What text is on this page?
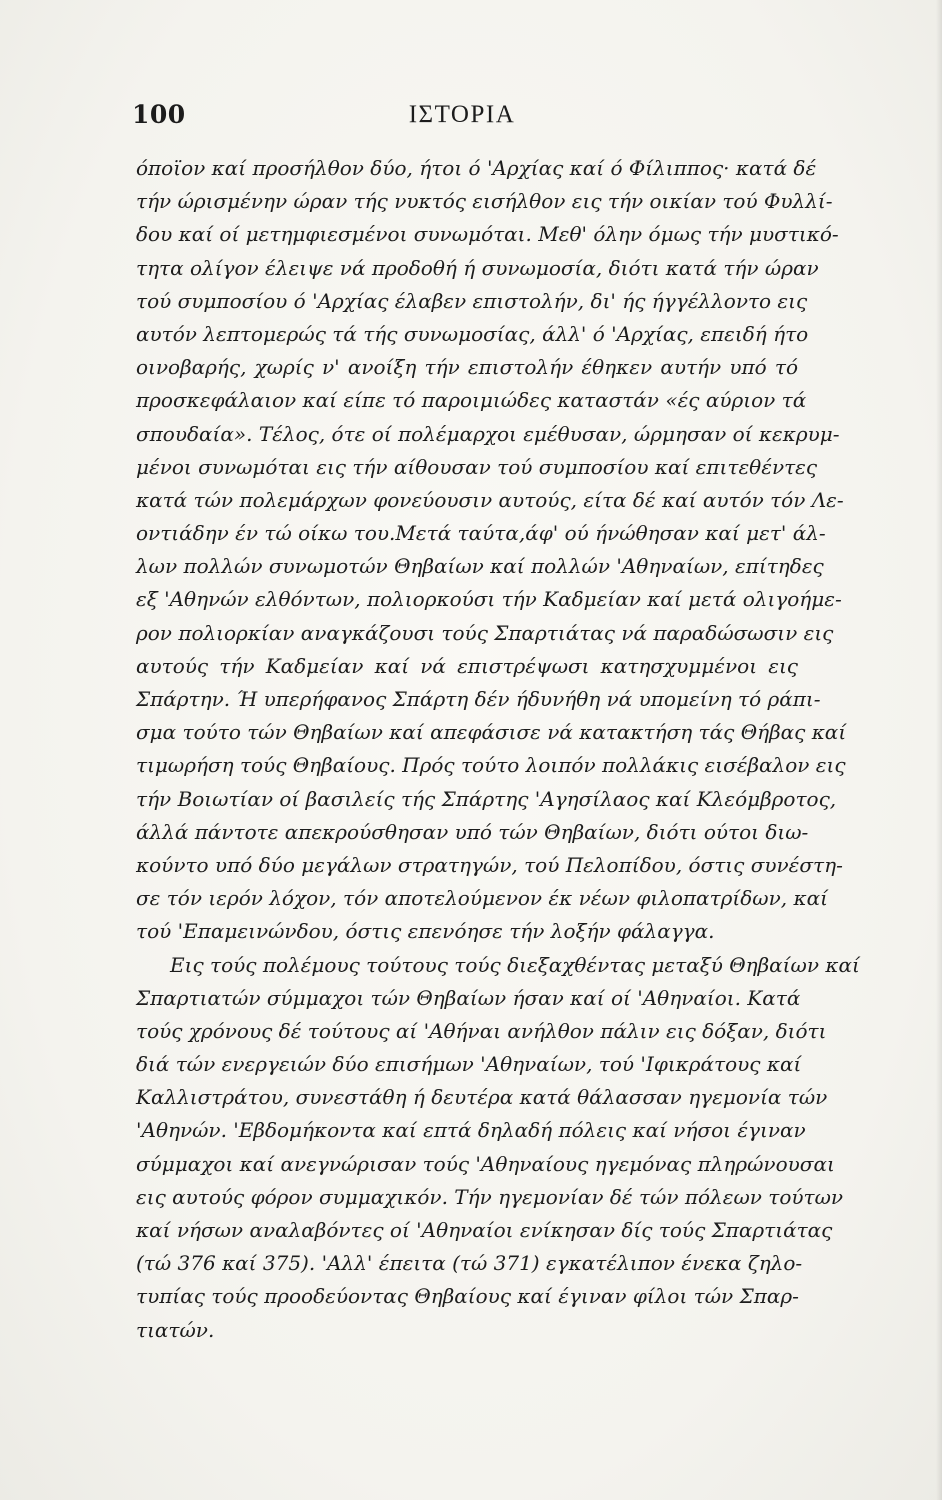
100	ΙΣΤΟΡΙΑ
όποϊον καί προσήλθον δύο, ήτοι ό 'Αρχίας καί ό Φίλιππος· κατά δέ
τήν ώρισμένην ώραν τής νυκτός εισήλθον εις τήν οικίαν τού Φυλλί-
δου καί οί μετημφιεσμένοι συνωμόται. Μεθ' όλην όμως τήν μυστικό-
τητα ολίγον έλειψε νά προδοθή ή συνωμοσία, διότι κατά τήν ώραν
τού συμποσίου ό 'Αρχίας έλαβεν επιστολήν, δι' ής ήγγέλλοντο εις
αυτόν λεπτομερώς τά τής συνωμοσίας, άλλ' ό 'Αρχίας, επειδή ήτο
οινοβαρής, χωρίς ν' ανοίξη τήν επιστολήν έθηκεν αυτήν υπό τό
προσκεφάλαιον καί είπε τό παροιμιώδες καταστάν «ές αύριον τά
σπουδαία». Τέλος, ότε οί πολέμαρχοι εμέθυσαν, ώρμησαν οί κεκρυμ-
μένοι συνωμόται εις τήν αίθουσαν τού συμποσίου καί επιτεθέντες
κατά τών πολεμάρχων φονεύουσιν αυτούς, είτα δέ καί αυτόν τόν Λε-
οντιάδην έν τώ οίκω του.Μετά ταύτα,άφ' ού ήνώθησαν καί μετ' άλ-
λων πολλών συνωμοτών Θηβαίων καί πολλών 'Αθηναίων, επίτηδες
εξ 'Αθηνών ελθόντων, πολιορκούσι τήν Καδμείαν καί μετά ολιγοήμε-
ρον πολιορκίαν αναγκάζουσι τούς Σπαρτιάτας νά παραδώσωσιν εις
αυτούς τήν Καδμείαν καί νά επιστρέψωσι κατησχυμμένοι εις
Σπάρτην. Ή υπερήφανος Σπάρτη δέν ήδυνήθη νά υπομείνη τό ράπι-
σμα τούτο τών Θηβαίων καί απεφάσισε νά κατακτήση τάς Θήβας καί
τιμωρήση τούς Θηβαίους. Πρός τούτο λοιπόν πολλάκις εισέβαλον εις
τήν Βοιωτίαν οί βασιλείς τής Σπάρτης 'Αγησίλαος καί Κλεόμβροτος,
άλλά πάντοτε απεκρούσθησαν υπό τών Θηβαίων, διότι ούτοι διω-
κούντο υπό δύο μεγάλων στρατηγών, τού Πελοπίδου, όστις συνέστη-
σε τόν ιερόν λόχον, τόν αποτελούμενον έκ νέων φιλοπατρίδων, καί
τού 'Επαμεινώνδου, όστις επενόησε τήν λοξήν φάλαγγα.
Εις τούς πολέμους τούτους τούς διεξαχθέντας μεταξύ Θηβαίων καί
Σπαρτιατών σύμμαχοι τών Θηβαίων ήσαν καί οί 'Αθηναίοι. Κατά
τούς χρόνους δέ τούτους αί 'Αθήναι ανήλθον πάλιν εις δόξαν, διότι
διά τών ενεργειών δύο επισήμων 'Αθηναίων, τού 'Ιφικράτους καί
Καλλιστράτου, συνεστάθη ή δευτέρα κατά θάλασσαν ηγεμονία τών
'Αθηνών. 'Εβδομήκοντα καί επτά δηλαδή πόλεις καί νήσοι έγιναν
σύμμαχοι καί ανεγνώρισαν τούς 'Αθηναίους ηγεμόνας πληρώνουσαι
εις αυτούς φόρον συμμαχικόν. Τήν ηγεμονίαν δέ τών πόλεων τούτων
καί νήσων αναλαβόντες οί 'Αθηναίοι ενίκησαν δίς τούς Σπαρτιάτας
(τώ 376 καί 375). 'Αλλ' έπειτα (τώ 371) εγκατέλιπον ένεκα ζηλο-
τυπίας τούς προοδεύοντας Θηβαίους καί έγιναν φίλοι τών Σπαρ-
τιατών.
